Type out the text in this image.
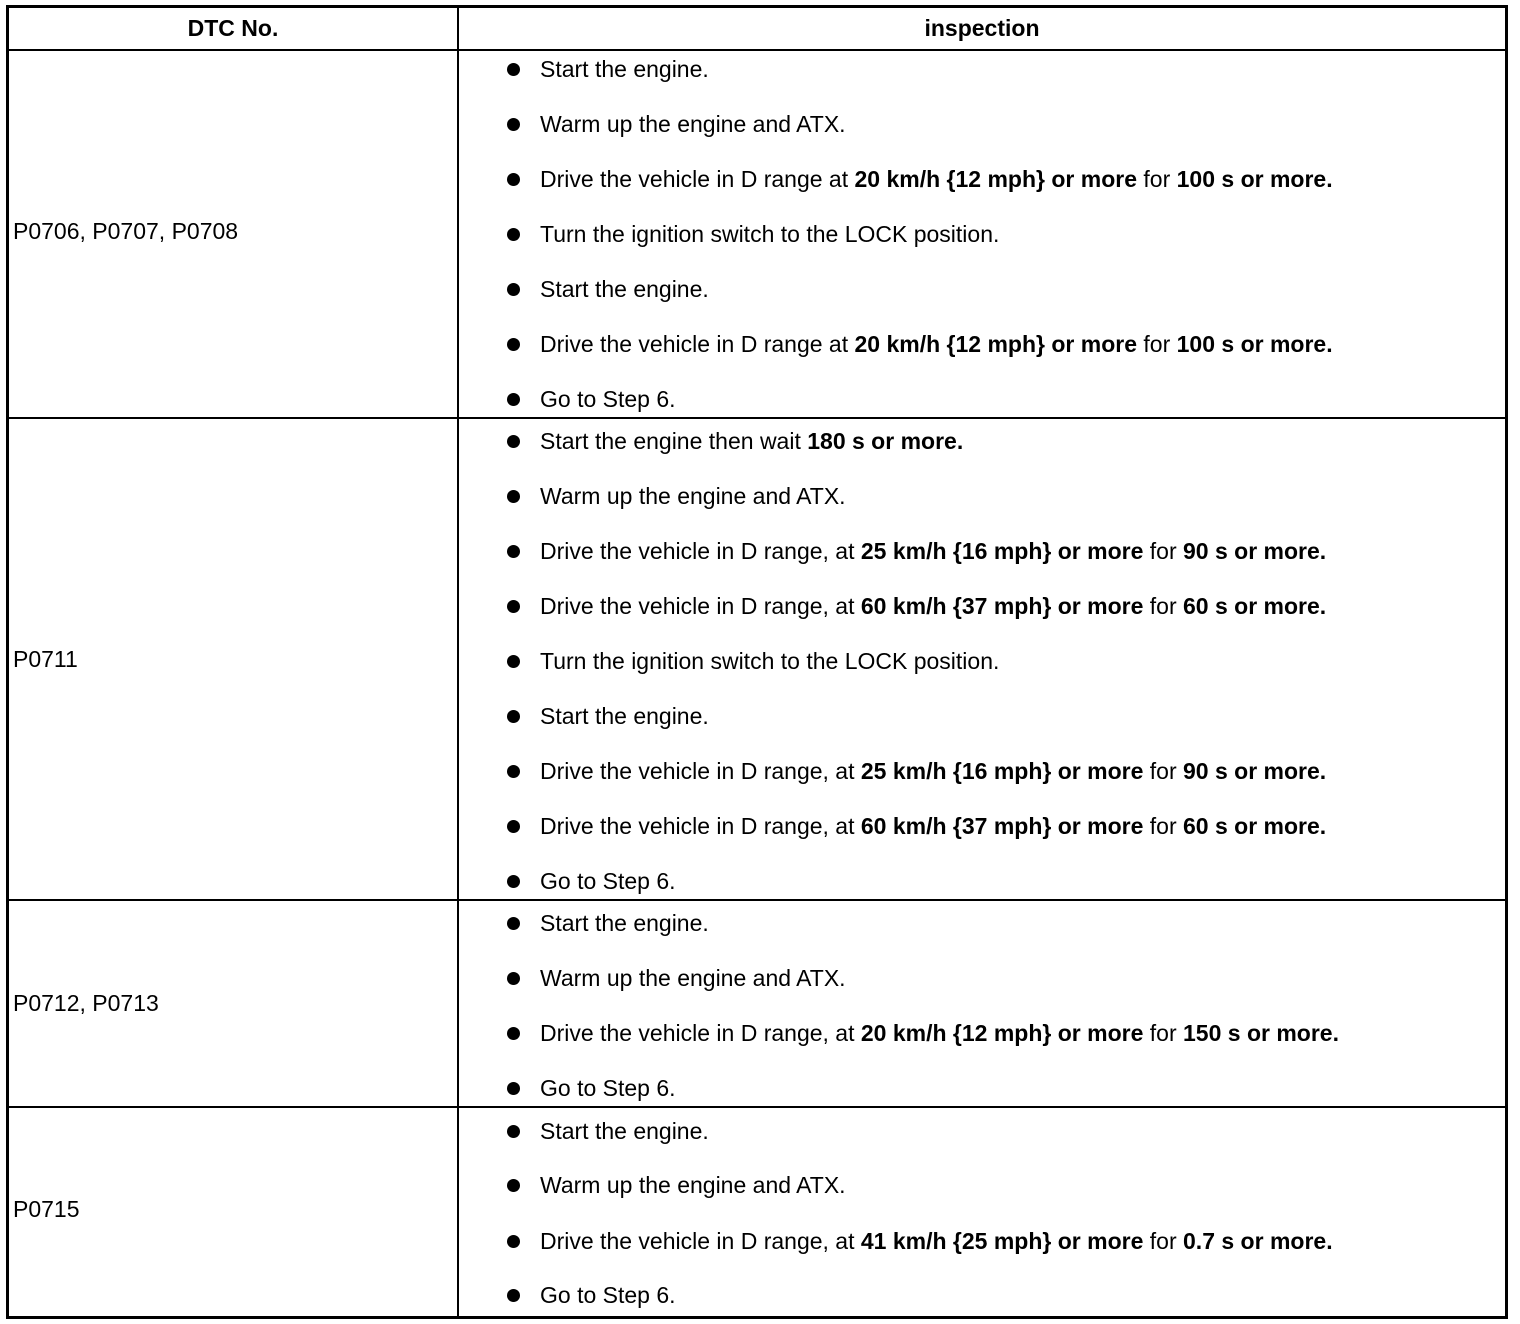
DTC No.	inspection
P0706, P0707, P0708
Start the engine.
Warm up the engine and ATX.
Drive the vehicle in D range at 20 km/h {12 mph} or more for 100 s or more.
Turn the ignition switch to the LOCK position.
Start the engine.
Drive the vehicle in D range at 20 km/h {12 mph} or more for 100 s or more.
Go to Step 6.
P0711
Start the engine then wait 180 s or more.
Warm up the engine and ATX.
Drive the vehicle in D range, at 25 km/h {16 mph} or more for 90 s or more.
Drive the vehicle in D range, at 60 km/h {37 mph} or more for 60 s or more.
Turn the ignition switch to the LOCK position.
Start the engine.
Drive the vehicle in D range, at 25 km/h {16 mph} or more for 90 s or more.
Drive the vehicle in D range, at 60 km/h {37 mph} or more for 60 s or more.
Go to Step 6.
P0712, P0713
Start the engine.
Warm up the engine and ATX.
Drive the vehicle in D range, at 20 km/h {12 mph} or more for 150 s or more.
Go to Step 6.
P0715
Start the engine.
Warm up the engine and ATX.
Drive the vehicle in D range, at 41 km/h {25 mph} or more for 0.7 s or more.
Go to Step 6.
